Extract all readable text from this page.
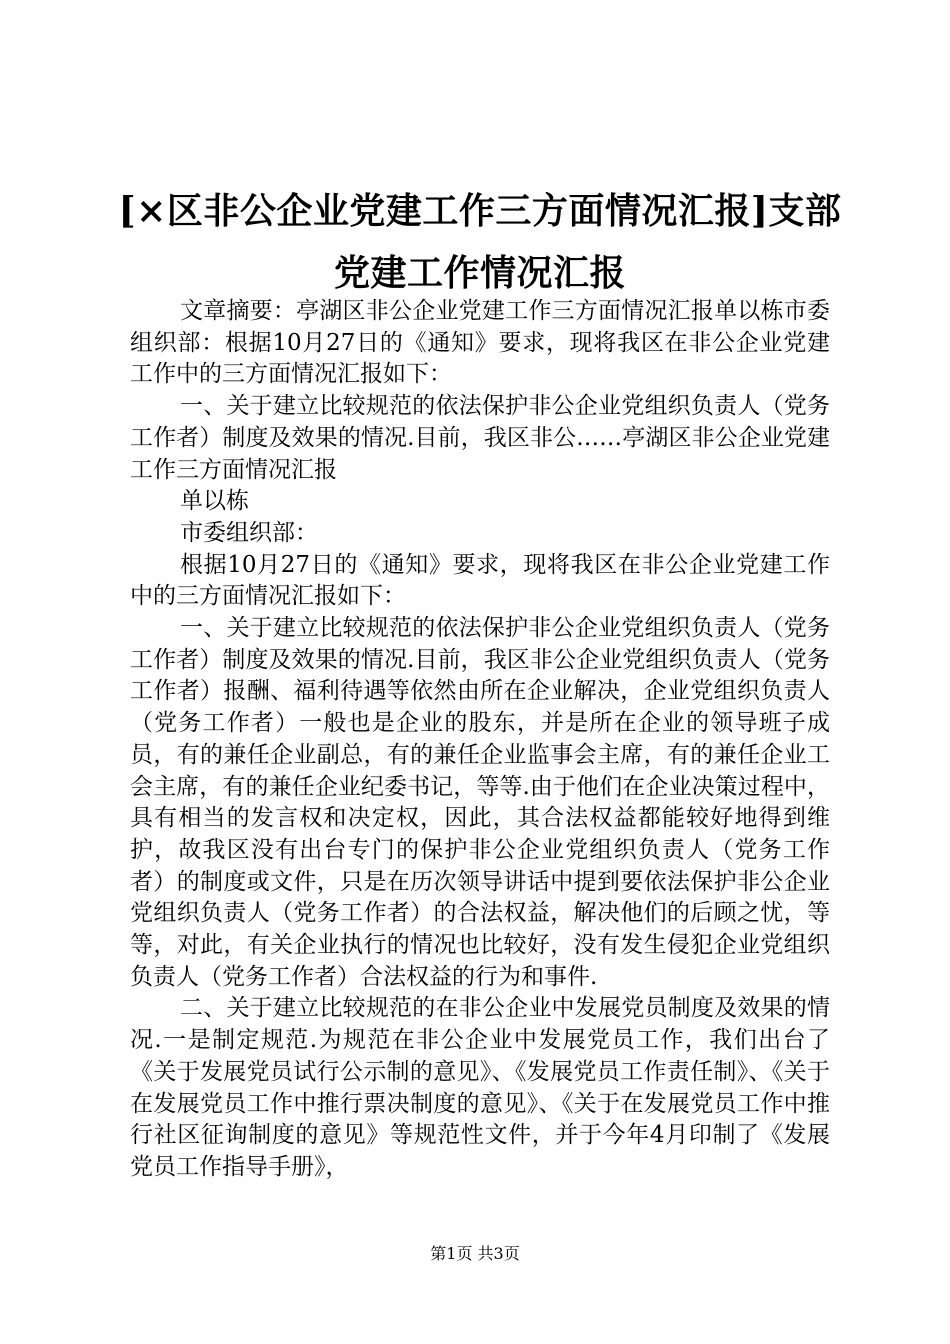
[×区非公企业党建工作三方面情况汇报]支部
党建工作情况汇报

文章摘要：亭湖区非公企业党建工作三方面情况汇报单以栋市委组织部：根据10月27日的《通知》要求，现将我区在非公企业党建工作中的三方面情况汇报如下：

一、关于建立比较规范的依法保护非公企业党组织负责人（党务工作者）制度及效果的情况.目前，我区非公……亭湖区非公企业党建工作三方面情况汇报

单以栋

市委组织部：

根据10月27日的《通知》要求，现将我区在非公企业党建工作中的三方面情况汇报如下：

一、关于建立比较规范的依法保护非公企业党组织负责人（党务工作者）制度及效果的情况.目前，我区非公企业党组织负责人（党务工作者）报酬、福利待遇等依然由所在企业解决，企业党组织负责人（党务工作者）一般也是企业的股东，并是所在企业的领导班子成员，有的兼任企业副总，有的兼任企业监事会主席，有的兼任企业工会主席，有的兼任企业纪委书记，等等.由于他们在企业决策过程中，具有相当的发言权和决定权，因此，其合法权益都能较好地得到维护，故我区没有出台专门的保护非公企业党组织负责人（党务工作者）的制度或文件，只是在历次领导讲话中提到要依法保护非公企业党组织负责人（党务工作者）的合法权益，解决他们的后顾之忧，等等，对此，有关企业执行的情况也比较好，没有发生侵犯企业党组织负责人（党务工作者）合法权益的行为和事件.

二、关于建立比较规范的在非公企业中发展党员制度及效果的情况.一是制定规范.为规范在非公企业中发展党员工作，我们出台了《关于发展党员试行公示制的意见》、《发展党员工作责任制》、《关于在发展党员工作中推行票决制度的意见》、《关于在发展党员工作中推行社区征询制度的意见》等规范性文件，并于今年4月印制了《发展党员工作指导手册》，

第1页 共3页
